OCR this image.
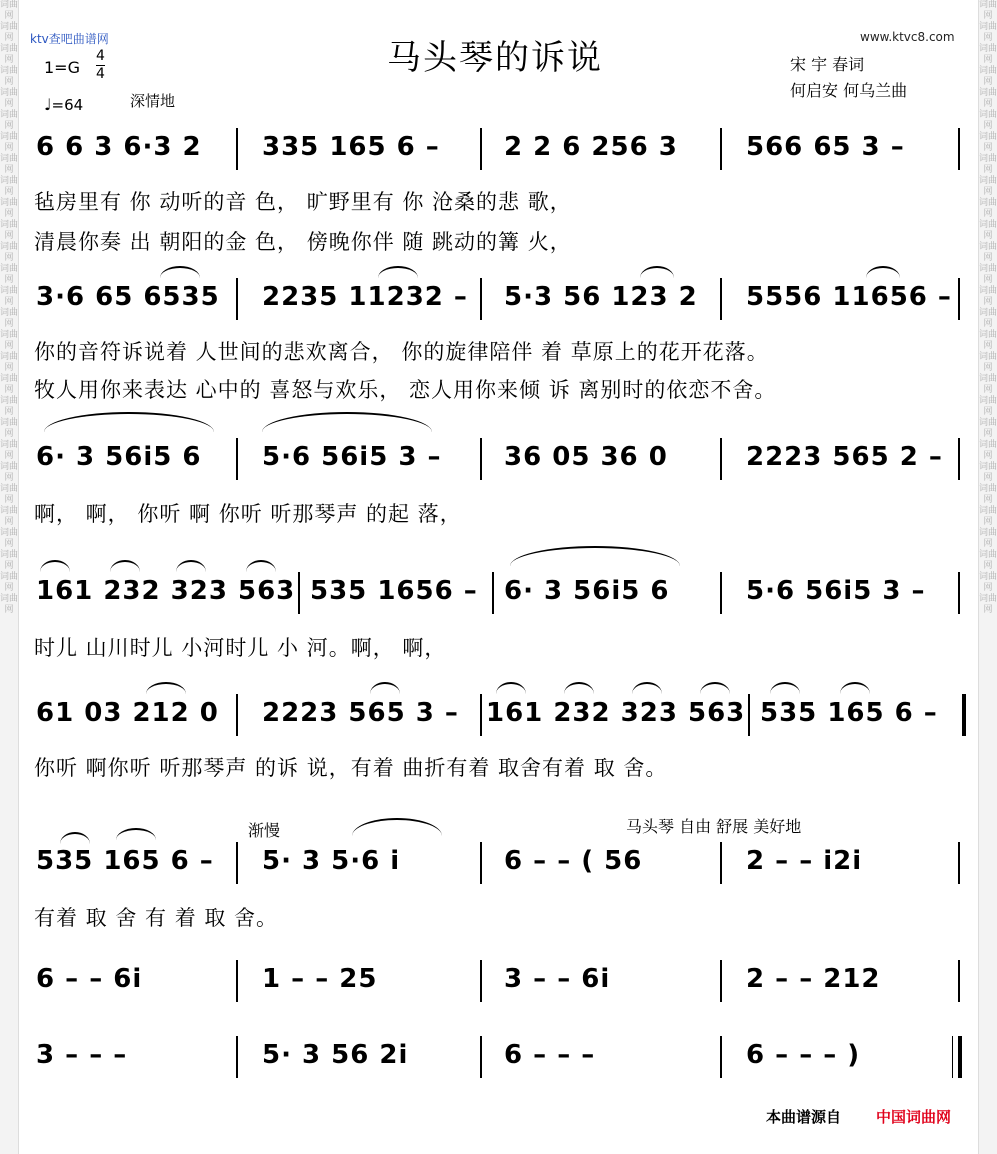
词曲网 词曲网 词曲网 词曲网 词曲网 词曲网 词曲网 词曲网 词曲网 词曲网 词曲网 词曲网 词曲网 词曲网 词曲网 词曲网 词曲网 词曲网 词曲网 词曲网 词曲网 词曲网 词曲网 词曲网 词曲网 词曲网 词曲网 词曲网
词曲网 词曲网 词曲网 词曲网 词曲网 词曲网 词曲网 词曲网 词曲网 词曲网 词曲网 词曲网 词曲网 词曲网 词曲网 词曲网 词曲网 词曲网 词曲网 词曲网 词曲网 词曲网 词曲网 词曲网 词曲网 词曲网 词曲网 词曲网
ktv查吧曲谱网	www.ktvc8.com
马头琴的诉说	宋 宇 春词
何启安 何乌兰曲
1=G
4
4
♩=64	深情地
6 6 3 6·3 2 335 165 6 – 2 2 6 256 3	566 65 3 –
毡房里有 你 动听的音 色， 旷野里有 你 沧桑的悲 歌，
清晨你奏 出 朝阳的金 色， 傍晚你伴 随 跳动的篝 火，
3·6 65 6535 2235 11232 – 5·3 56 123 2 5556 11656 –
你的音符诉说着 人世间的悲欢离合， 你的旋律陪伴 着 草原上的花开花落。
牧人用你来表达 心中的 喜怒与欢乐， 恋人用你来倾 诉 离别时的依恋不舍。
6· 3 56i5 6 5·6 56i5 3 – 36 05 36 0	2223 565 2 –
啊， 啊， 你听 啊 你听 听那琴声 的起 落，
161 232 323 563 535 1656 – 6· 3 56i5 6	5·6 56i5 3 –
时儿 山川时儿 小河时儿 小 河。啊， 啊，
61 03 212 0 2223 565 3 – 161 232 323 563 535 165 6 –
你听 啊你听 听那琴声 的诉 说，有着 曲折有着 取舍有着 取 舍。
渐慢	马头琴 自由 舒展 美好地
535 165 6 – 5· 3 5·6 i	6 – – ( 56	2 – – i2i
有着 取 舍 有 着 取 舍。
6 – – 6i	1 – – 25	3 – – 6i	2 – – 212
3 – – –	5· 3 56 2i	6 – – –	6 – – – )
本曲谱源自 中国词曲网
